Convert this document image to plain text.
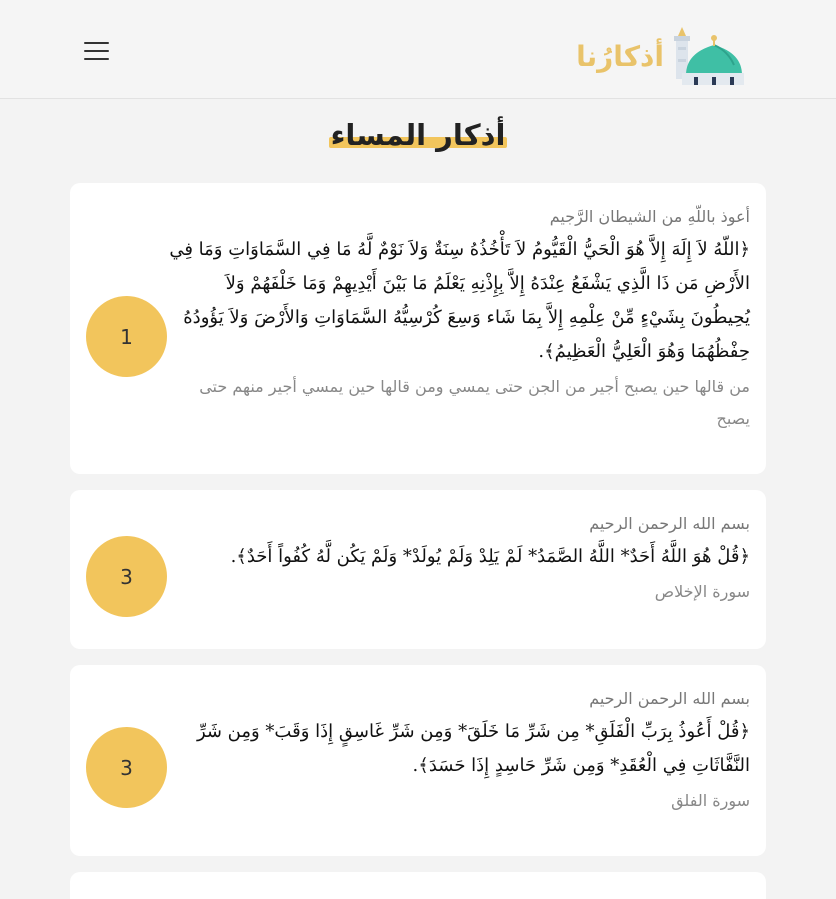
أذكارُنا
أذكار المساء
أعوذ باللّهِ من الشيطان الرَّجيم
﴿اللّهُ لاَ إِلَهَ إِلاَّ هُوَ الْحَيُّ الْقَيُّومُ لاَ تَأْخُذُهُ سِنَةٌ وَلاَ نَوْمٌ لَّهُ مَا فِي السَّمَاوَاتِ وَمَا فِي الأَرْضِ مَن ذَا الَّذِي يَشْفَعُ عِنْدَهُ إِلاَّ بِإِذْنِهِ يَعْلَمُ مَا بَيْنَ أَيْدِيهِمْ وَمَا خَلْفَهُمْ وَلاَ يُحِيطُونَ بِشَيْءٍ مِّنْ عِلْمِهِ إِلاَّ بِمَا شَاء وَسِعَ كُرْسِيُّهُ السَّمَاوَاتِ وَالأَرْضَ وَلاَ يَؤُودُهُ حِفْظُهُمَا وَهُوَ الْعَلِيُّ الْعَظِيمُ﴾.
من قالها حين يصبح أجير من الجن حتى يمسي ومن قالها حين يمسي أجير منهم حتى يصبح
1
بسم الله الرحمن الرحيم
﴿قُلْ هُوَ اللَّهُ أَحَدٌ* اللَّهُ الصَّمَدُ* لَمْ يَلِدْ وَلَمْ يُولَدْ* وَلَمْ يَكُن لَّهُ كُفُواً أَحَدٌ﴾.
سورة الإخلاص
3
بسم الله الرحمن الرحيم
﴿قُلْ أَعُوذُ بِرَبِّ الْفَلَقِ* مِن شَرِّ مَا خَلَقَ* وَمِن شَرِّ غَاسِقٍ إِذَا وَقَبَ* وَمِن شَرِّ النَّفَّاثَاتِ فِي الْعُقَدِ* وَمِن شَرِّ حَاسِدٍ إِذَا حَسَدَ﴾.
سورة الفلق
3
